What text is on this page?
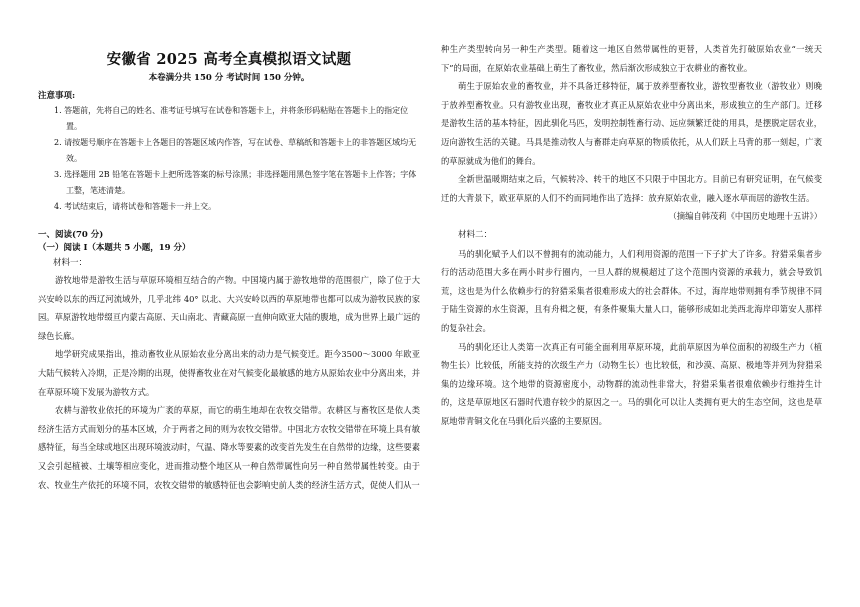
安徽省 2025 高考全真模拟语文试题
本卷满分共 150 分 考试时间 150 分钟。
注意事项:
1. 答题前，先将自己的姓名、准考证号填写在试卷和答题卡上，并将条形码粘贴在答题卡上的指定位置。
2. 请按题号顺序在答题卡上各题目的答题区域内作答，写在试卷、草稿纸和答题卡上的非答题区域均无效。
3. 选择题用 2B 铅笔在答题卡上把所选答案的标号涂黑；非选择题用黑色签字笔在答题卡上作答；字体工整，笔迹清楚。
4. 考试结束后，请将试卷和答题卡一并上交。
一、阅读(70 分)
（一）阅读 I（本题共 5 小题，19 分）
材料一：

游牧地带是游牧生活与草原环境相互结合的产物。中国境内属于游牧地带的范围很广，除了位于大兴安岭以东的西辽河流域外，几乎北纬 40° 以北、大兴安岭以西的草原地带也都可以成为游牧民族的家园。草原游牧地带缀亘内蒙古高原、天山南北、青藏高原一直伸向欧亚大陆的腹地，成为世界上最广远的绿色长廊。

地学研究成果指出，推动畜牧业从原始农业分离出来的动力是气候变迁。距今3500～3000 年欧亚大陆气候转入冷期，正是冷期的出现，使得畜牧业在对气候变化最敏感的地方从原始农业中分离出来，并在草原环境下发展为游牧方式。

农耕与游牧业依托的环境为广袤的草原，而它的萌生地却在农牧交错带。农耕区与畜牧区是依人类经济生活方式而划分的基本区域，介于两者之间的则为农牧交错带。中国北方农牧交错带在环境上具有敏感特征，每当全球或地区出现环境波动时，气温、降水等要素的改变首先发生在自然带的边缘，这些要素又会引起植被、土壤等相应变化，进而推动整个地区从一种自然带属性向另一种自然带属性转变。由于农、牧业生产依托的环境不同，农牧交错带的敏感特征也会影响史前人类的经济生活方式，促使人们从一

种生产类型转向另一种生产类型。随着这一地区自然带属性的更替，人类首先打破原始农业“一统天下”的局面，在原始农业基础上萌生了畜牧业，然后渐次形成独立于农耕业的畜牧业。

萌生于原始农业的畜牧业，并不具备迁移特征，属于放养型畜牧业，游牧型畜牧业（游牧业）则晚于放养型畜牧业。只有游牧业出现，畜牧业才真正从原始农业中分离出来，形成独立的生产部门。迁移是游牧生活的基本特征，因此驯化马匹，发明控制牲畜行动、远应频繁迁徙的用具，是摆脱定居农业，迈向游牧生活的关键。马具是推动牧人与畜群走向草原的物质依托，从人们跃上马背的那一刻起，广袤的草原就成为他们的舞台。

全新世温暖期结束之后，气候转冷、转干的地区不只限于中国北方。目前已有研究证明，在气候变迁的大背景下，欧亚草原的人们不约而同地作出了选择：放弃原始农业，融入逐水草而居的游牧生活。

（摘编自韩茂莉《中国历史地理十五讲》）
材料二：

马的驯化赋予人们以不曾拥有的流动能力，人们利用资源的范围一下子扩大了许多。狩猎采集者步行的活动范围大多在两小时步行圈内，一旦人群的规模超过了这个范围内资源的承载力，就会导致饥荒，这也是为什么依赖步行的狩猎采集者很难形成大的社会群体。不过，海岸地带则拥有季节规律不同于陆生资源的水生资源，且有舟楫之便，有条件聚集大量人口，能够形成如北美西北海岸印第安人那样的复杂社会。

马的驯化还让人类第一次真正有可能全面利用草原环境，此前草原因为单位面积的初级生产力（植物生长）比较低，所能支持的次级生产力（动物生长）也比较低，和沙漠、高原、极地等并列为狩猎采集的边缘环境。这个地带的资源密度小，动物群的流动性非常大，狩猎采集者很难依赖步行维持生计的，这是草原地区石器时代遗存较少的原因之一。马的驯化可以让人类拥有更大的生态空间，这也是草原地带青铜文化在马驯化后兴盛的主要原因。
